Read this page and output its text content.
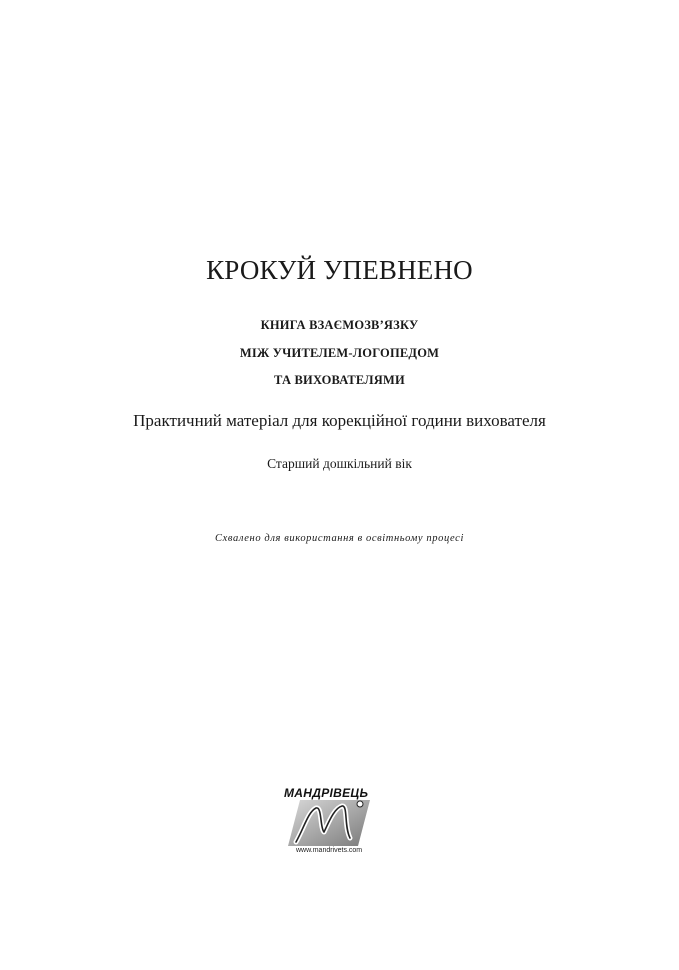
КРОКУЙ УПЕВНЕНО
КНИГА ВЗАЄМОЗВ’ЯЗКУ
МІЖ УЧИТЕЛЕМ-ЛОГОПЕДОМ
ТА ВИХОВАТЕЛЯМИ
Практичний матеріал для корекційної години вихователя
Старший дошкільний вік
Схвалено для використання в освітньому процесі
МАНДРІВЕЦЬ
www.mandrivets.com
